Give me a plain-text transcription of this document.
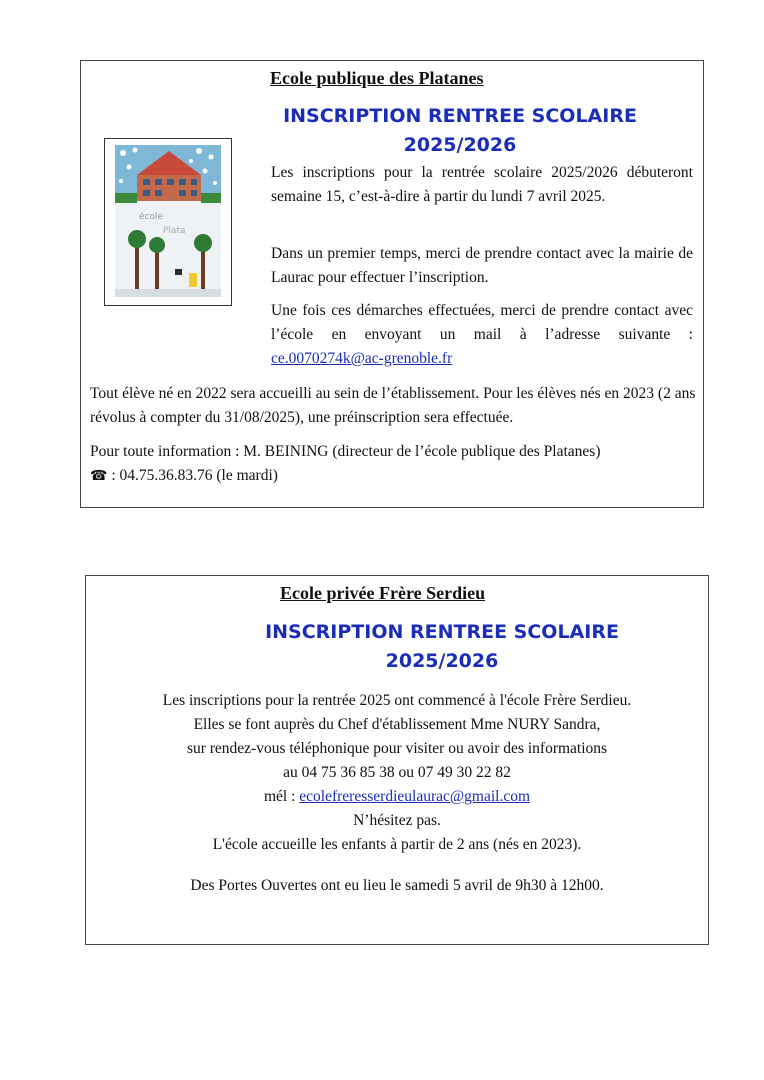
Ecole publique des Platanes
INSCRIPTION RENTREE SCOLAIRE
2025/2026
école
Plata

Les inscriptions pour la rentrée scolaire 2025/2026 débuteront semaine 15, c’est-à-dire à partir du lundi 7 avril 2025.

Dans un premier temps, merci de prendre contact avec la mairie de Laurac pour effectuer l’inscription.

Une fois ces démarches effectuées, merci de prendre contact avec l’école en envoyant un mail à l’adresse suivante : ce.0070274k@ac-grenoble.fr

Tout élève né en 2022 sera accueilli au sein de l’établissement. Pour les élèves nés en 2023 (2 ans révolus à compter du 31/08/2025), une préinscription sera effectuée.

Pour toute information : M. BEINING (directeur de l’école publique des Platanes)
☎ : 04.75.36.83.76 (le mardi)

Ecole privée Frère Serdieu
INSCRIPTION RENTREE SCOLAIRE
2025/2026
Les inscriptions pour la rentrée 2025 ont commencé à l'école Frère Serdieu.
Elles se font auprès du Chef d'établissement Mme NURY Sandra,
sur rendez-vous téléphonique pour visiter ou avoir des informations
au 04 75 36 85 38 ou 07 49 30 22 82
mél : ecolefreresserdieulaurac@gmail.com
N’hésitez pas.
L'école accueille les enfants à partir de 2 ans (nés en 2023).
Des Portes Ouvertes ont eu lieu le samedi 5 avril de 9h30 à 12h00.
